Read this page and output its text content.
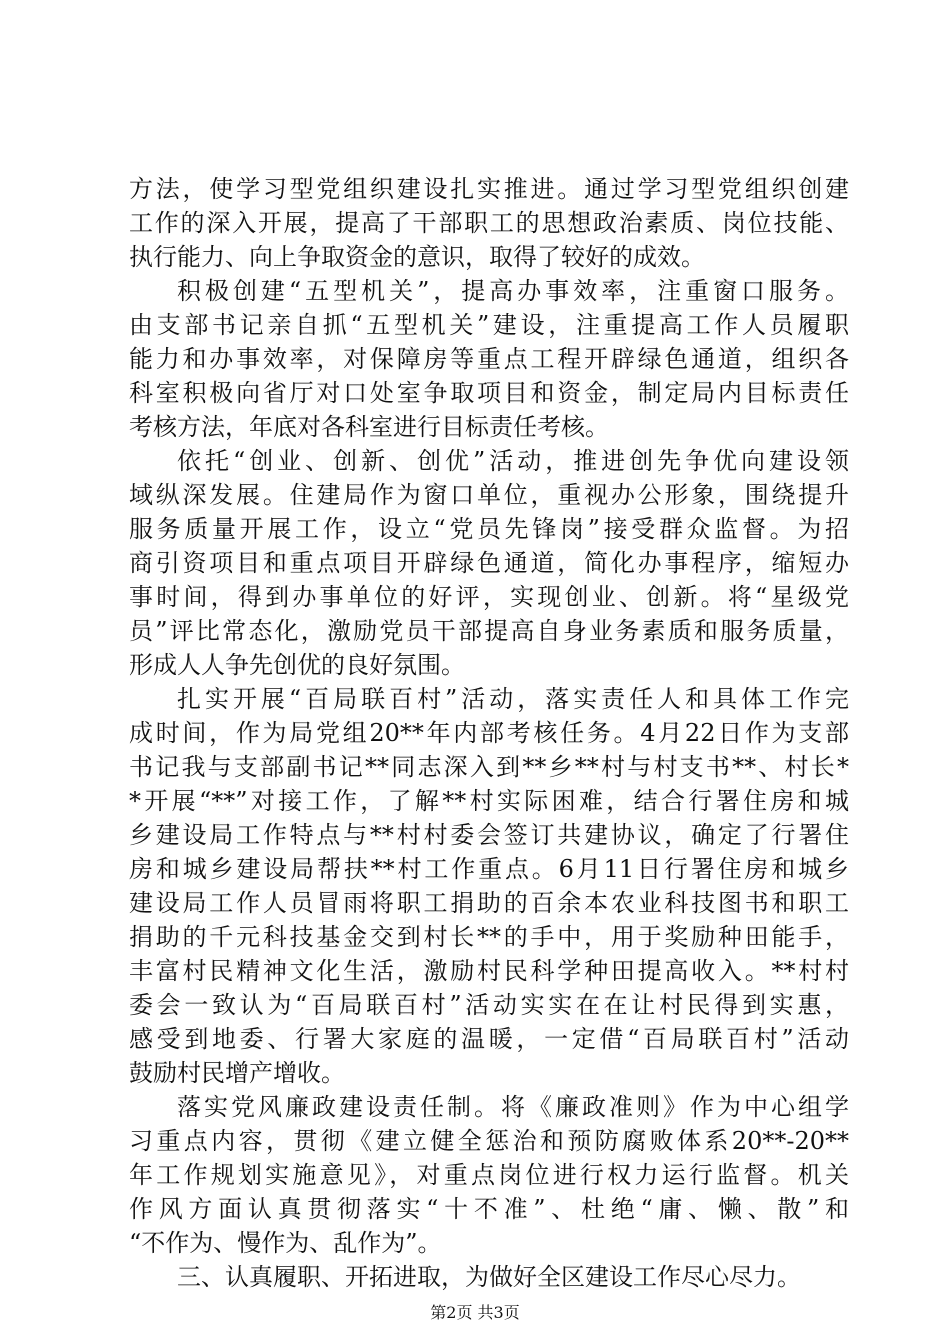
方法，使学习型党组织建设扎实推进。通过学习型党组织创建
工作的深入开展，提高了干部职工的思想政治素质、岗位技能、
执行能力、向上争取资金的意识，取得了较好的成效。
积极创建“五型机关”，提高办事效率，注重窗口服务。
由支部书记亲自抓“五型机关”建设，注重提高工作人员履职
能力和办事效率，对保障房等重点工程开辟绿色通道，组织各
科室积极向省厅对口处室争取项目和资金，制定局内目标责任
考核方法，年底对各科室进行目标责任考核。
依托“创业、创新、创优”活动，推进创先争优向建设领
域纵深发展。住建局作为窗口单位，重视办公形象，围绕提升
服务质量开展工作，设立“党员先锋岗”接受群众监督。为招
商引资项目和重点项目开辟绿色通道，简化办事程序，缩短办
事时间，得到办事单位的好评，实现创业、创新。将“星级党
员”评比常态化，激励党员干部提高自身业务素质和服务质量，
形成人人争先创优的良好氛围。
扎实开展“百局联百村”活动，落实责任人和具体工作完
成时间，作为局党组20**年内部考核任务。4月22日作为支部
书记我与支部副书记**同志深入到**乡**村与村支书**、村长*
*开展“**”对接工作，了解**村实际困难，结合行署住房和城
乡建设局工作特点与**村村委会签订共建协议，确定了行署住
房和城乡建设局帮扶**村工作重点。6月11日行署住房和城乡
建设局工作人员冒雨将职工捐助的百余本农业科技图书和职工
捐助的千元科技基金交到村长**的手中，用于奖励种田能手，
丰富村民精神文化生活，激励村民科学种田提高收入。**村村
委会一致认为“百局联百村”活动实实在在让村民得到实惠，
感受到地委、行署大家庭的温暖，一定借“百局联百村”活动
鼓励村民增产增收。
落实党风廉政建设责任制。将《廉政准则》作为中心组学
习重点内容，贯彻《建立健全惩治和预防腐败体系20**-20**
年工作规划实施意见》，对重点岗位进行权力运行监督。机关
作风方面认真贯彻落实“十不准”、杜绝“庸、懒、散”和
“不作为、慢作为、乱作为”。
三、认真履职、开拓进取，为做好全区建设工作尽心尽力。
第2页 共3页
